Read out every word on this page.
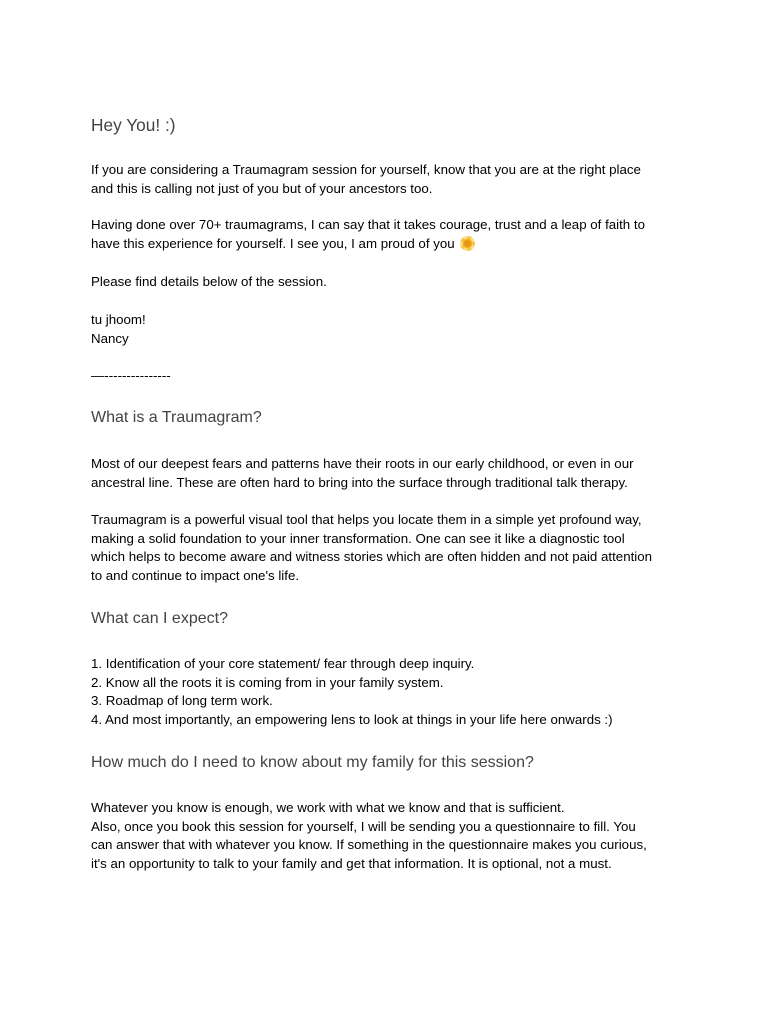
Hey You! :)
If you are considering a Traumagram session for yourself, know that you are at the right place
and this is calling not just of you but of your ancestors too.
Having done over 70+ traumagrams, I can say that it takes courage, trust and a leap of faith to
have this experience for yourself. I see you, I am proud of you
Please find details below of the session.
tu jhoom!
Nancy
—---------------
What is a Traumagram?
Most of our deepest fears and patterns have their roots in our early childhood, or even in our
ancestral line. These are often hard to bring into the surface through traditional talk therapy.
Traumagram is a powerful visual tool that helps you locate them in a simple yet profound way,
making a solid foundation to your inner transformation. One can see it like a diagnostic tool
which helps to become aware and witness stories which are often hidden and not paid attention
to and continue to impact one's life.
What can I expect?
1. Identification of your core statement/ fear through deep inquiry.
2. Know all the roots it is coming from in your family system.
3. Roadmap of long term work.
4. And most importantly, an empowering lens to look at things in your life here onwards :)
How much do I need to know about my family for this session?
Whatever you know is enough, we work with what we know and that is sufficient.
Also, once you book this session for yourself, I will be sending you a questionnaire to fill. You
can answer that with whatever you know. If something in the questionnaire makes you curious,
it's an opportunity to talk to your family and get that information. It is optional, not a must.
